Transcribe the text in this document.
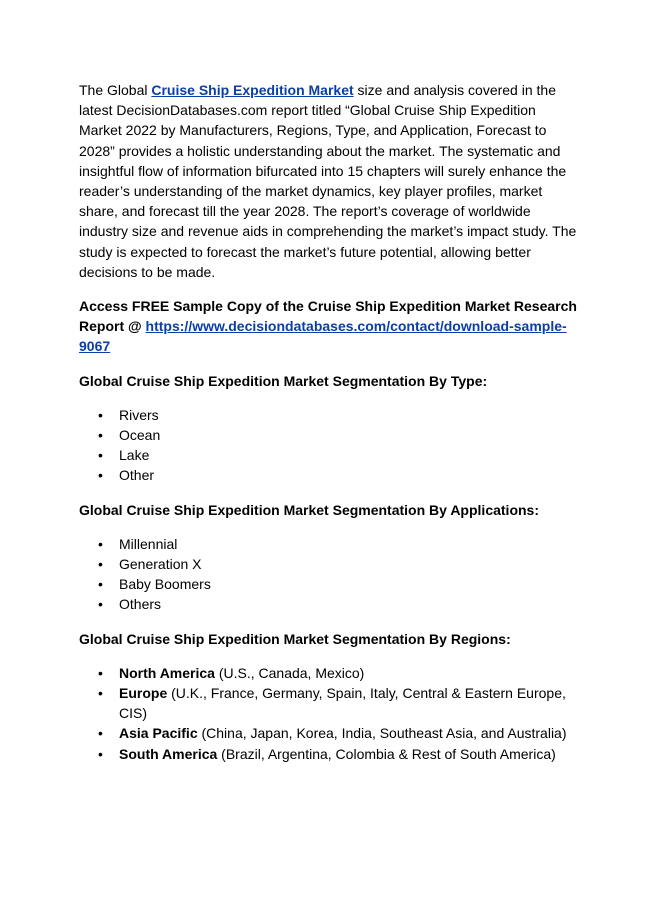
The Global Cruise Ship Expedition Market size and analysis covered in the latest DecisionDatabases.com report titled “Global Cruise Ship Expedition Market 2022 by Manufacturers, Regions, Type, and Application, Forecast to 2028” provides a holistic understanding about the market. The systematic and insightful flow of information bifurcated into 15 chapters will surely enhance the reader’s understanding of the market dynamics, key player profiles, market share, and forecast till the year 2028. The report’s coverage of worldwide industry size and revenue aids in comprehending the market’s impact study. The study is expected to forecast the market’s future potential, allowing better decisions to be made.

Access FREE Sample Copy of the Cruise Ship Expedition Market Research Report @ https://www.decisiondatabases.com/contact/download-sample-9067

Global Cruise Ship Expedition Market Segmentation By Type:

• Rivers
• Ocean
• Lake
• Other

Global Cruise Ship Expedition Market Segmentation By Applications:

• Millennial
• Generation X
• Baby Boomers
• Others

Global Cruise Ship Expedition Market Segmentation By Regions:

• North America (U.S., Canada, Mexico)
• Europe (U.K., France, Germany, Spain, Italy, Central & Eastern Europe, CIS)
• Asia Pacific (China, Japan, Korea, India, Southeast Asia, and Australia)
• South America (Brazil, Argentina, Colombia & Rest of South America)
